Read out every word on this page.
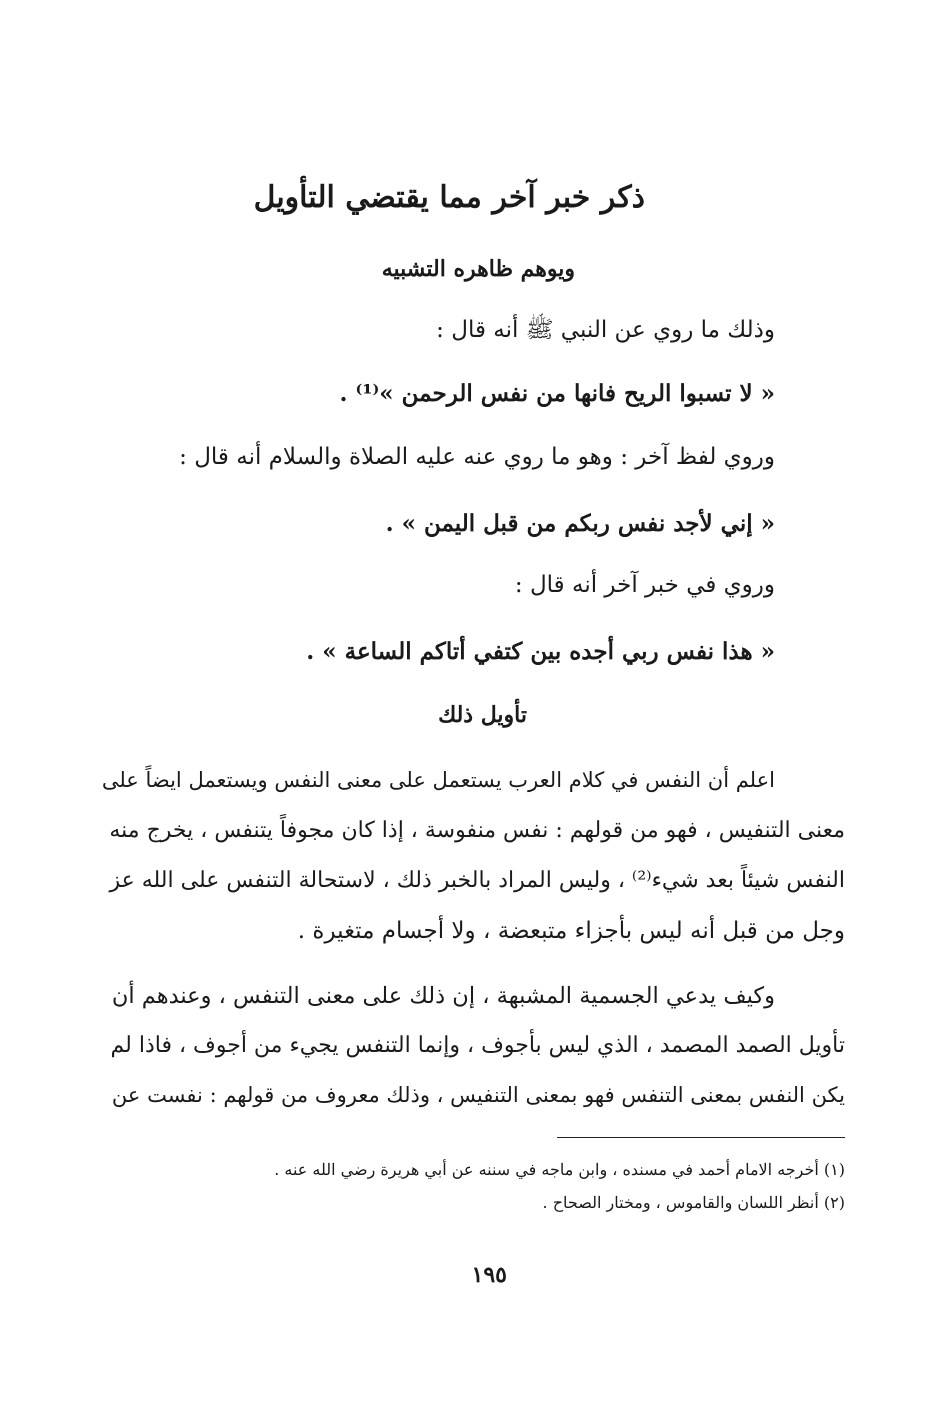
ذكر خبر آخر مما يقتضي التأويل
ويوهم ظاهره التشبيه
وذلك ما روي عن النبي ﷺ أنه قال :
« لا تسبوا الريح فانها من نفس الرحمن »⁽¹⁾ .
وروي لفظ آخر : وهو ما روي عنه عليه الصلاة والسلام أنه قال :
« إني لأجد نفس ربكم من قبل اليمن » .
وروي في خبر آخر أنه قال :
« هذا نفس ربي أجده بين كتفي أتاكم الساعة » .
تأويل ذلك
اعلم أن النفس في كلام العرب يستعمل على معنى النفس ويستعمل ايضاً على
معنى التنفيس ، فهو من قولهم : نفس منفوسة ، إذا كان مجوفاً يتنفس ، يخرج منه
النفس شيئاً بعد شيء⁽²⁾ ، وليس المراد بالخبر ذلك ، لاستحالة التنفس على الله عز
وجل من قبل أنه ليس بأجزاء متبعضة ، ولا أجسام متغيرة .
وكيف يدعي الجسمية المشبهة ، إن ذلك على معنى التنفس ، وعندهم أن
تأويل الصمد المصمد ، الذي ليس بأجوف ، وإنما التنفس يجيء من أجوف ، فاذا لم
يكن النفس بمعنى التنفس فهو بمعنى التنفيس ، وذلك معروف من قولهم : نفست عن
(١) أخرجه الامام أحمد في مسنده ، وابن ماجه في سننه عن أبي هريرة رضي الله عنه .
(٢) أنظر اللسان والقاموس ، ومختار الصحاح .
١٩٥
